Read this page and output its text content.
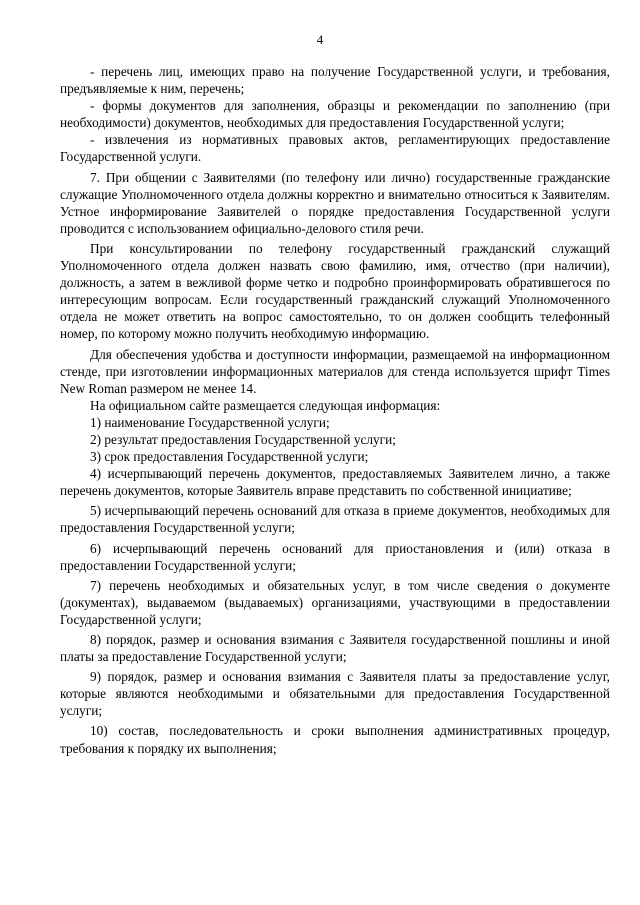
4

- перечень лиц, имеющих право на получение Государственной услуги, и требования, предъявляемые к ним, перечень;

- формы документов для заполнения, образцы и рекомендации по заполнению (при необходимости) документов, необходимых для предоставления Государственной услуги;

- извлечения из нормативных правовых актов, регламентирующих предоставление Государственной услуги.

7. При общении с Заявителями (по телефону или лично) государственные гражданские служащие Уполномоченного отдела должны корректно и внимательно относиться к Заявителям. Устное информирование Заявителей о порядке предоставления Государственной услуги проводится с использованием официально-делового стиля речи.

При консультировании по телефону государственный гражданский служащий Уполномоченного отдела должен назвать свою фамилию, имя, отчество (при наличии), должность, а затем в вежливой форме четко и подробно проинформировать обратившегося по интересующим вопросам. Если государственный гражданский служащий Уполномоченного отдела не может ответить на вопрос самостоятельно, то он должен сообщить телефонный номер, по которому можно получить необходимую информацию.

Для обеспечения удобства и доступности информации, размещаемой на информационном стенде, при изготовлении информационных материалов для стенда используется шрифт Times New Roman размером не менее 14.

На официальном сайте размещается следующая информация:

1) наименование Государственной услуги;

2) результат предоставления Государственной услуги;

3) срок предоставления Государственной услуги;

4) исчерпывающий перечень документов, предоставляемых Заявителем лично, а также перечень документов, которые Заявитель вправе представить по собственной инициативе;

5) исчерпывающий перечень оснований для отказа в приеме документов, необходимых для предоставления Государственной услуги;

6) исчерпывающий перечень оснований для приостановления и (или) отказа в предоставлении Государственной услуги;

7) перечень необходимых и обязательных услуг, в том числе сведения о документе (документах), выдаваемом (выдаваемых) организациями, участвующими в предоставлении Государственной услуги;

8) порядок, размер и основания взимания с Заявителя государственной пошлины и иной платы за предоставление Государственной услуги;

9) порядок, размер и основания взимания с Заявителя платы за предоставление услуг, которые являются необходимыми и обязательными для предоставления Государственной услуги;

10) состав, последовательность и сроки выполнения административных процедур, требования к порядку их выполнения;
